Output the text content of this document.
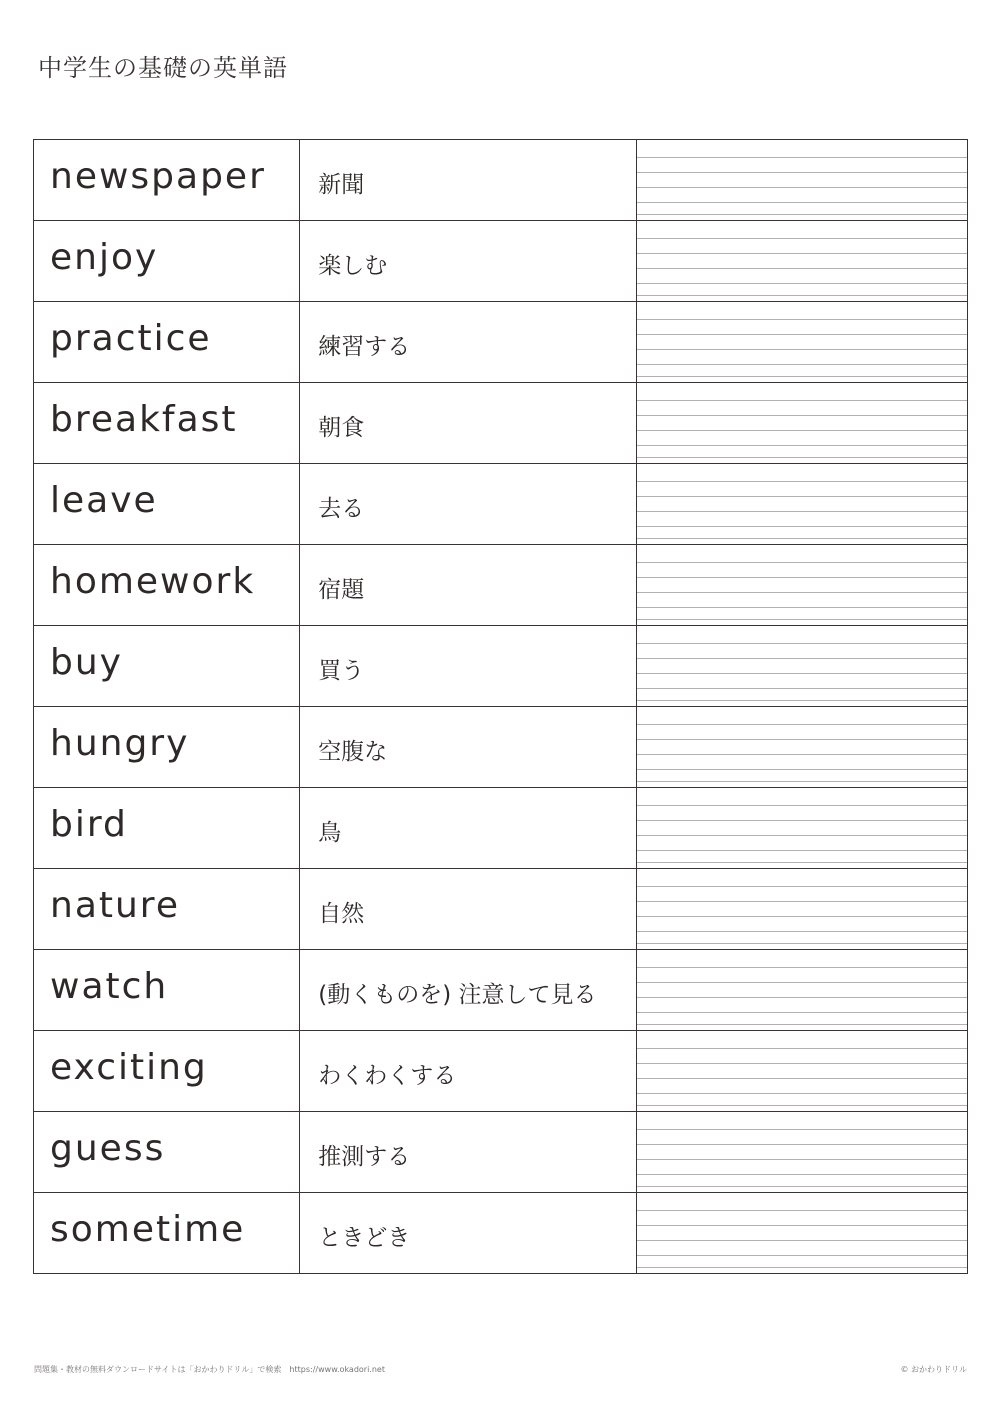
中学生の基礎の英単語
newspaper	新聞	

enjoy	楽しむ	

practice	練習する	

breakfast	朝食	

leave	去る	

homework	宿題	

buy	買う	

hungry	空腹な	

bird	鳥	

nature	自然	

watch	(動くものを) 注意して見る	

exciting	わくわくする	

guess	推測する	

sometime	ときどき	
問題集・教材の無料ダウンロードサイトは「おかわりドリル」で検索　https://www.okadori.net	© おかわりドリル
